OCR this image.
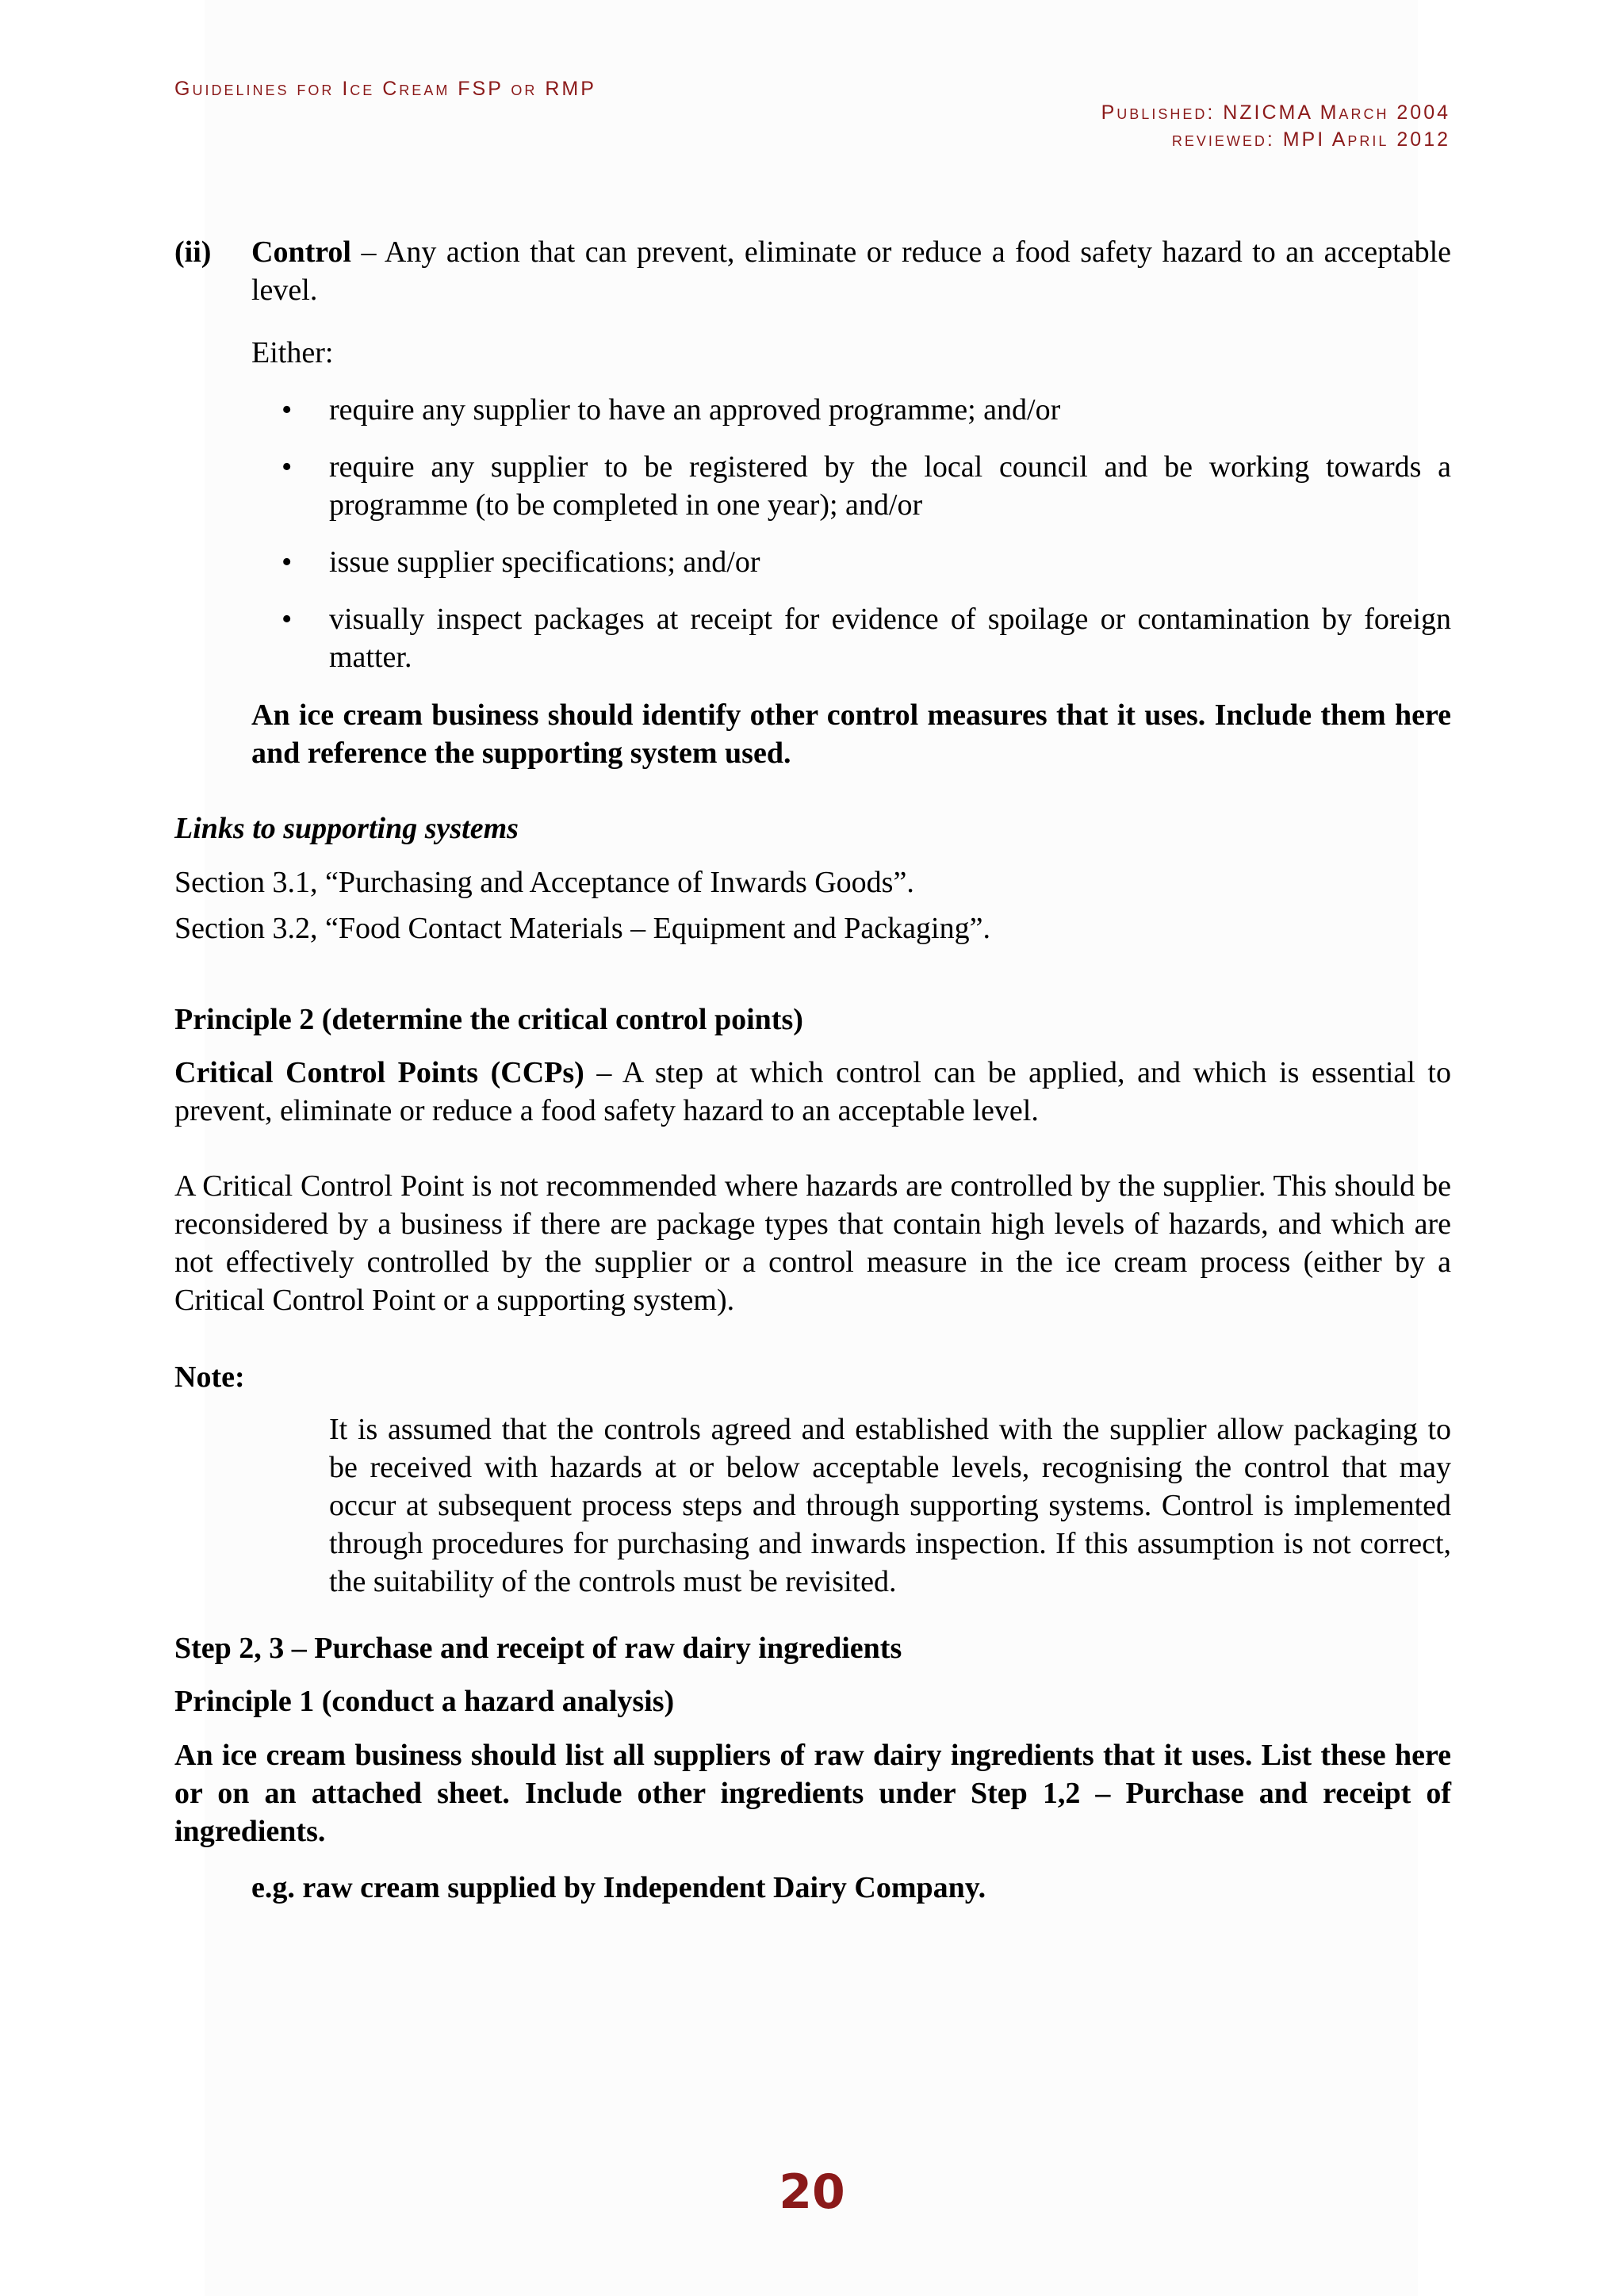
Guidelines for Ice Cream FSP or RMP
Published: NZICMA March 2004
reviewed: MPI April 2012
(ii) Control – Any action that can prevent, eliminate or reduce a food safety hazard to an acceptable level.
Either:
• require any supplier to have an approved programme; and/or
• require any supplier to be registered by the local council and be working towards a programme (to be completed in one year); and/or
• issue supplier specifications; and/or
• visually inspect packages at receipt for evidence of spoilage or contamination by foreign matter.
An ice cream business should identify other control measures that it uses. Include them here and reference the supporting system used.
Links to supporting systems
Section 3.1, “Purchasing and Acceptance of Inwards Goods”.
Section 3.2, “Food Contact Materials – Equipment and Packaging”.
Principle 2 (determine the critical control points)
Critical Control Points (CCPs) – A step at which control can be applied, and which is essential to prevent, eliminate or reduce a food safety hazard to an acceptable level.
A Critical Control Point is not recommended where hazards are controlled by the supplier. This should be reconsidered by a business if there are package types that contain high levels of hazards, and which are not effectively controlled by the supplier or a control measure in the ice cream process (either by a Critical Control Point or a supporting system).
Note:
It is assumed that the controls agreed and established with the supplier allow packaging to be received with hazards at or below acceptable levels, recognising the control that may occur at subsequent process steps and through supporting systems. Control is implemented through procedures for purchasing and inwards inspection. If this assumption is not correct, the suitability of the controls must be revisited.
Step 2, 3 – Purchase and receipt of raw dairy ingredients
Principle 1 (conduct a hazard analysis)
An ice cream business should list all suppliers of raw dairy ingredients that it uses. List these here or on an attached sheet. Include other ingredients under Step 1,2 – Purchase and receipt of ingredients.
e.g. raw cream supplied by Independent Dairy Company.
20
